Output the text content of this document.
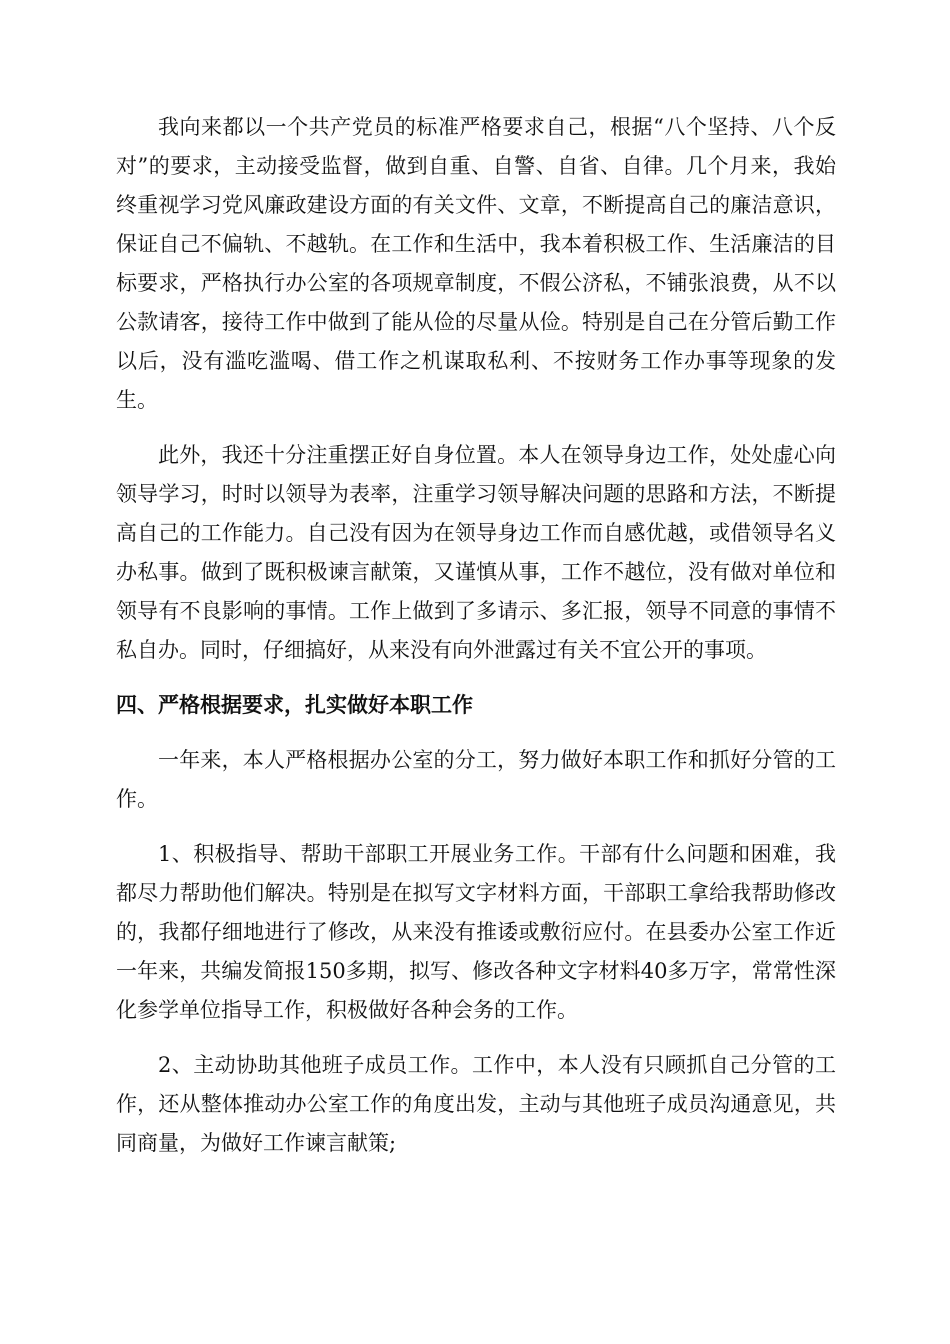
我向来都以一个共产党员的标准严格要求自己，根据“八个坚持、八个反对”的要求，主动接受监督，做到自重、自警、自省、自律。几个月来，我始终重视学习党风廉政建设方面的有关文件、文章，不断提高自己的廉洁意识，保证自己不偏轨、不越轨。在工作和生活中，我本着积极工作、生活廉洁的目标要求，严格执行办公室的各项规章制度，不假公济私，不铺张浪费，从不以公款请客，接待工作中做到了能从俭的尽量从俭。特别是自己在分管后勤工作以后，没有滥吃滥喝、借工作之机谋取私利、不按财务工作办事等现象的发生。

此外，我还十分注重摆正好自身位置。本人在领导身边工作，处处虚心向领导学习，时时以领导为表率，注重学习领导解决问题的思路和方法，不断提高自己的工作能力。自己没有因为在领导身边工作而自感优越，或借领导名义办私事。做到了既积极谏言献策，又谨慎从事，工作不越位，没有做对单位和领导有不良影响的事情。工作上做到了多请示、多汇报，领导不同意的事情不私自办。同时，仔细搞好，从来没有向外泄露过有关不宜公开的事项。

四、严格根据要求，扎实做好本职工作

一年来，本人严格根据办公室的分工，努力做好本职工作和抓好分管的工作。

1、积极指导、帮助干部职工开展业务工作。干部有什么问题和困难，我都尽力帮助他们解决。特别是在拟写文字材料方面，干部职工拿给我帮助修改的，我都仔细地进行了修改，从来没有推诿或敷衍应付。在县委办公室工作近一年来，共编发简报150多期，拟写、修改各种文字材料40多万字，常常性深化参学单位指导工作，积极做好各种会务的工作。

2、主动协助其他班子成员工作。工作中，本人没有只顾抓自己分管的工作，还从整体推动办公室工作的角度出发，主动与其他班子成员沟通意见，共同商量，为做好工作谏言献策;
